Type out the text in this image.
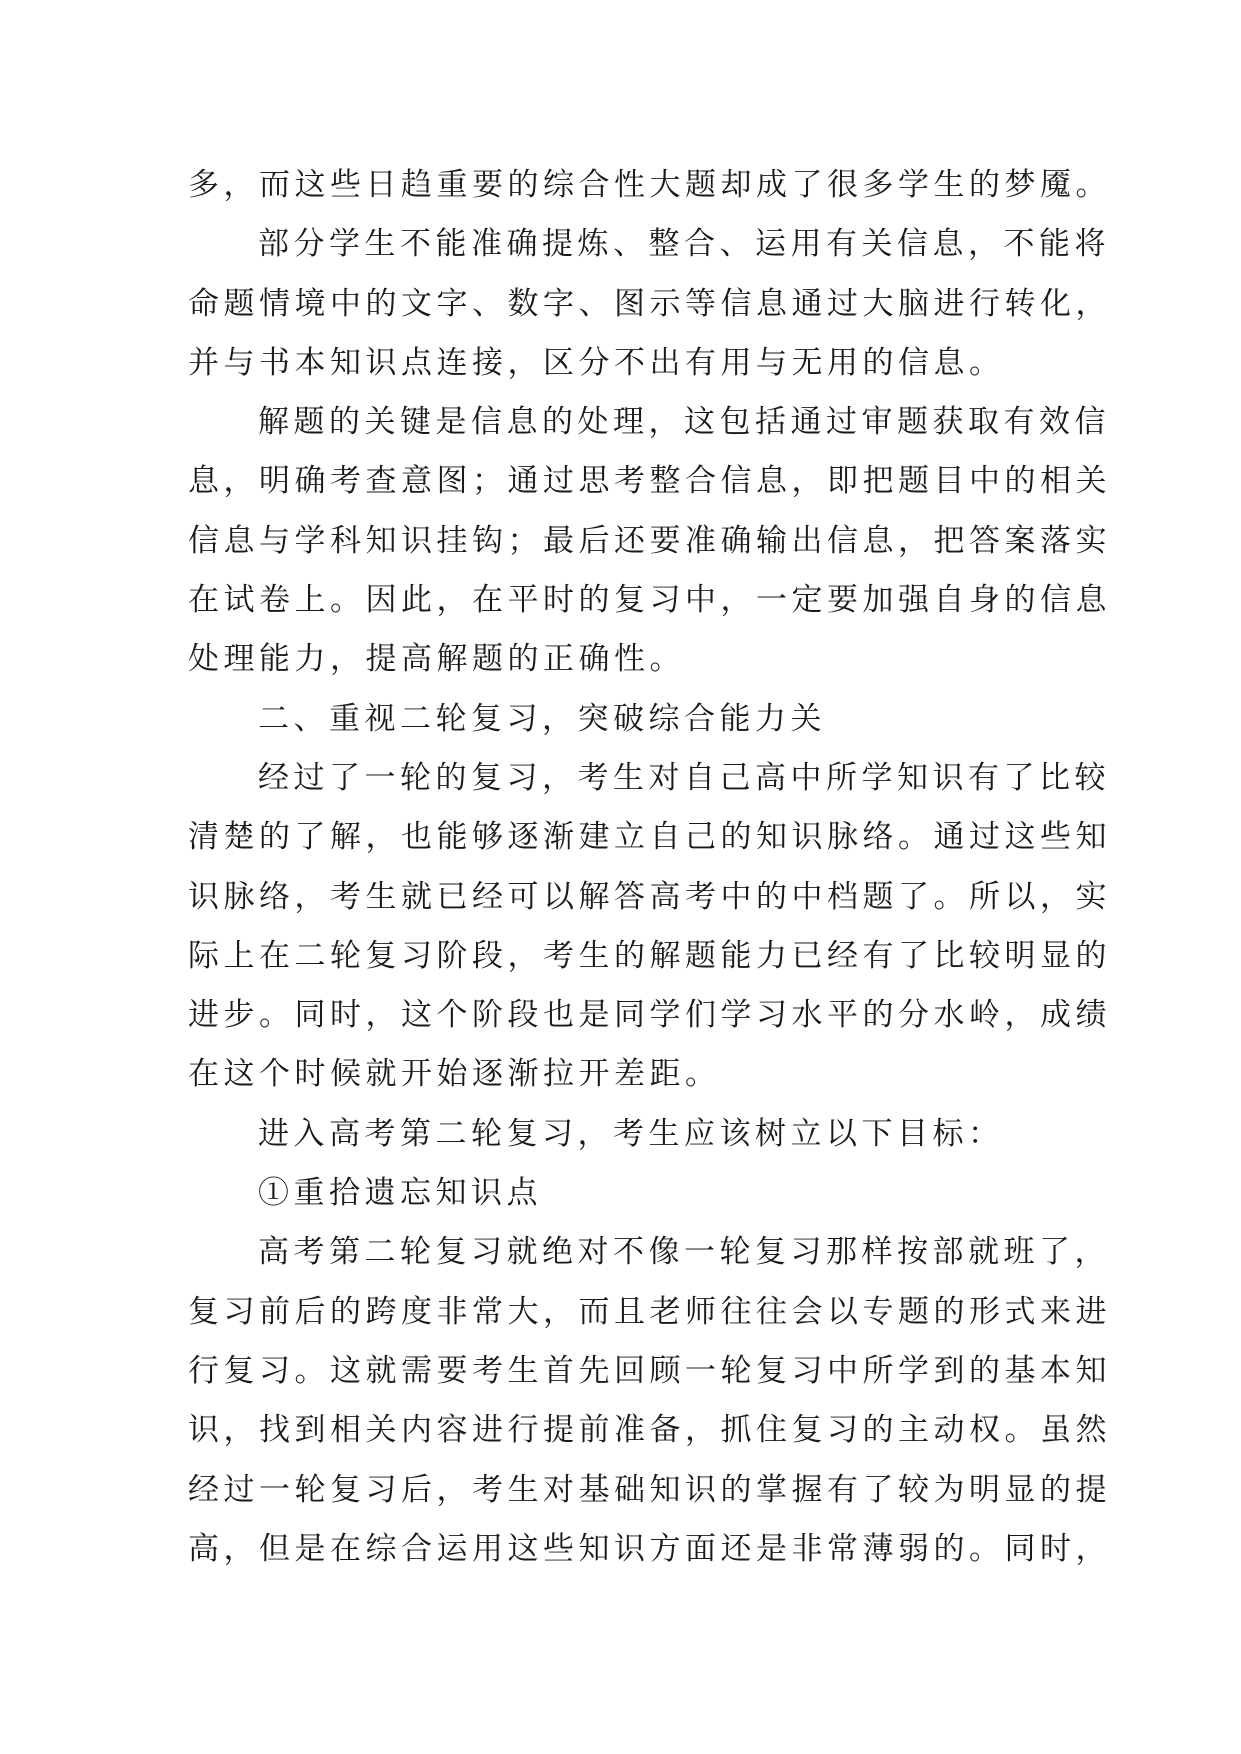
多，而这些日趋重要的综合性大题却成了很多学生的梦魇。
部分学生不能准确提炼、整合、运用有关信息，不能将
命题情境中的文字、数字、图示等信息通过大脑进行转化，
并与书本知识点连接，区分不出有用与无用的信息。
解题的关键是信息的处理，这包括通过审题获取有效信
息，明确考查意图；通过思考整合信息，即把题目中的相关
信息与学科知识挂钩；最后还要准确输出信息，把答案落实
在试卷上。因此，在平时的复习中，一定要加强自身的信息
处理能力，提高解题的正确性。
二、重视二轮复习，突破综合能力关
经过了一轮的复习，考生对自己高中所学知识有了比较
清楚的了解，也能够逐渐建立自己的知识脉络。通过这些知
识脉络，考生就已经可以解答高考中的中档题了。所以，实
际上在二轮复习阶段，考生的解题能力已经有了比较明显的
进步。同时，这个阶段也是同学们学习水平的分水岭，成绩
在这个时候就开始逐渐拉开差距。
进入高考第二轮复习，考生应该树立以下目标：
①重拾遗忘知识点
高考第二轮复习就绝对不像一轮复习那样按部就班了，
复习前后的跨度非常大，而且老师往往会以专题的形式来进
行复习。这就需要考生首先回顾一轮复习中所学到的基本知
识，找到相关内容进行提前准备，抓住复习的主动权。虽然
经过一轮复习后，考生对基础知识的掌握有了较为明显的提
高，但是在综合运用这些知识方面还是非常薄弱的。同时，
